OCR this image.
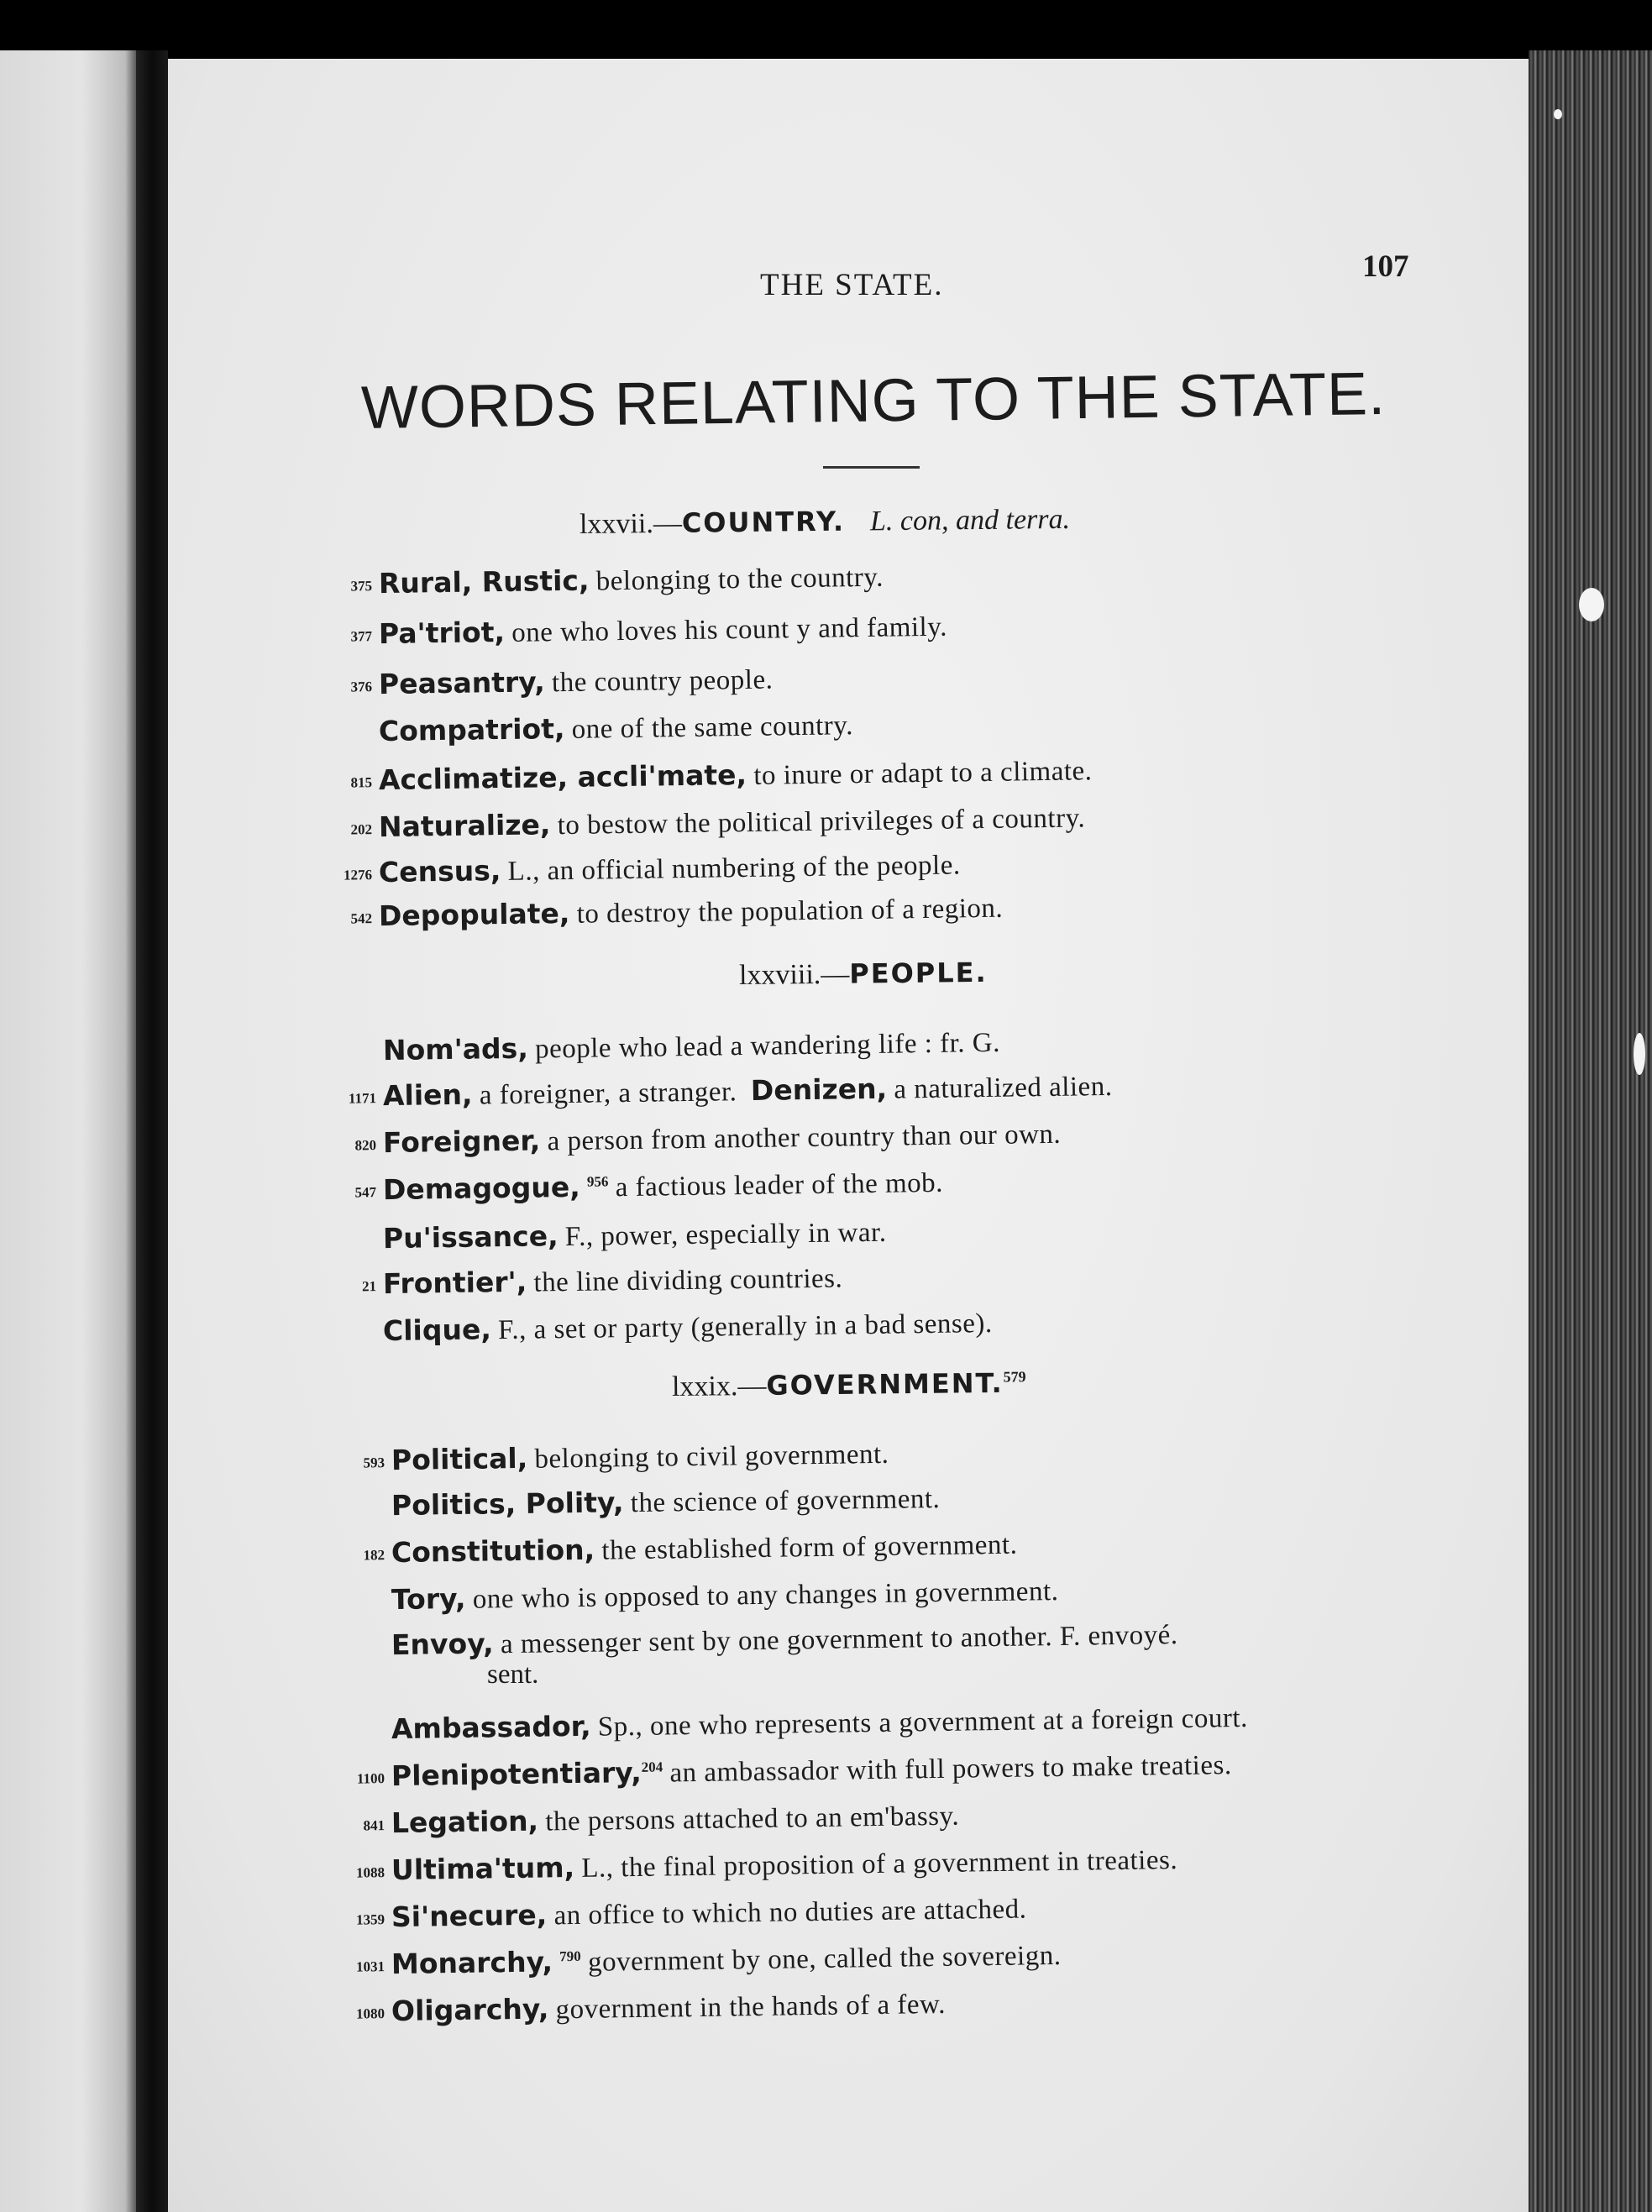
THE STATE.
107
WORDS RELATING TO THE STATE.
lxxvii.—COUNTRY. L. con, and terra.
lxxviii.—PEOPLE.
lxxix.—GOVERNMENT.$^{579}$
375 Rural, Rustic, belonging to the country.
377 Pa'triot, one who loves his count y and family.
376 Peasantry, the country people.
Compatriot, one of the same country.
815 Acclimatize, accli'mate, to inure or adapt to a climate.
202 Naturalize, to bestow the political privileges of a country.
1276 Census, L., an official numbering of the people.
542 Depopulate, to destroy the population of a region.
Nom'ads, people who lead a wandering life : fr. G.
1171 Alien, a foreigner, a stranger. Denizen, a naturalized alien.
820 Foreigner, a person from another country than our own.
547 Demagogue, $^{956}$ a factious leader of the mob.
Pu'issance, F., power, especially in war.
21 Frontier', the line dividing countries.
Clique, F., a set or party (generally in a bad sense).
593 Political, belonging to civil government.
Politics, Polity, the science of government.
182 Constitution, the established form of government.
Tory, one who is opposed to any changes in government.
Envoy, a messenger sent by one government to another. F. envoyé.
sent.
Ambassador, Sp., one who represents a government at a foreign court.
1100 Plenipotentiary,$^{204}$ an ambassador with full powers to make treaties.
841 Legation, the persons attached to an em'bassy.
1088 Ultima'tum, L., the final proposition of a government in treaties.
1359 Si'necure, an office to which no duties are attached.
1031 Monarchy, $^{790}$ government by one, called the sovereign.
1080 Oligarchy, government in the hands of a few.
